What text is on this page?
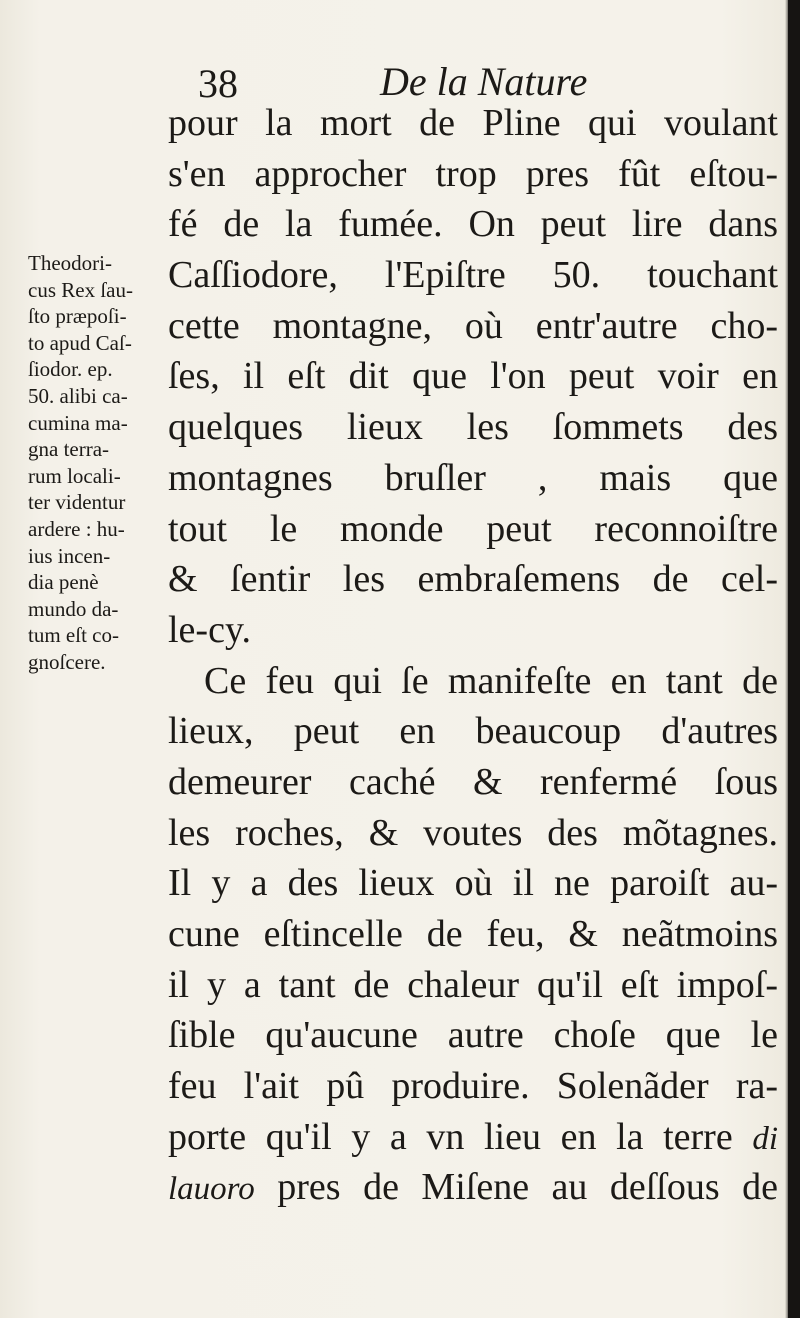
38	De la Nature
pour la mort de Pline qui voulant
s'en approcher trop pres fût eſtou-
fé de la fumée. On peut lire dans
Caſſiodore, l'Epiſtre 50. touchant
cette montagne, où entr'autre cho-
ſes, il eſt dit que l'on peut voir en
quelques lieux les ſommets des
montagnes bruſler , mais que
tout le monde peut reconnoiſtre
& ſentir les embraſemens de cel-
le-cy.
Ce feu qui ſe manifeſte en tant de
lieux, peut en beaucoup d'autres
demeurer caché & renfermé ſous
les roches, & voutes des mõtagnes.
Il y a des lieux où il ne paroiſt au-
cune eſtincelle de feu, & neãtmoins
il y a tant de chaleur qu'il eſt impoſ-
ſible qu'aucune autre choſe que le
feu l'ait pû produire. Solenãder ra-
porte qu'il y a vn lieu en la terre di
lauoro pres de Miſene au deſſous de
Theodori-
cus Rex ſau-
ſto præpoſi-
to apud Caſ-
ſiodor. ep.
50. alibi ca-
cumina ma-
gna terra-
rum locali-
ter videntur
ardere : hu-
ius incen-
dia penè
mundo da-
tum eſt co-
gnoſcere.
